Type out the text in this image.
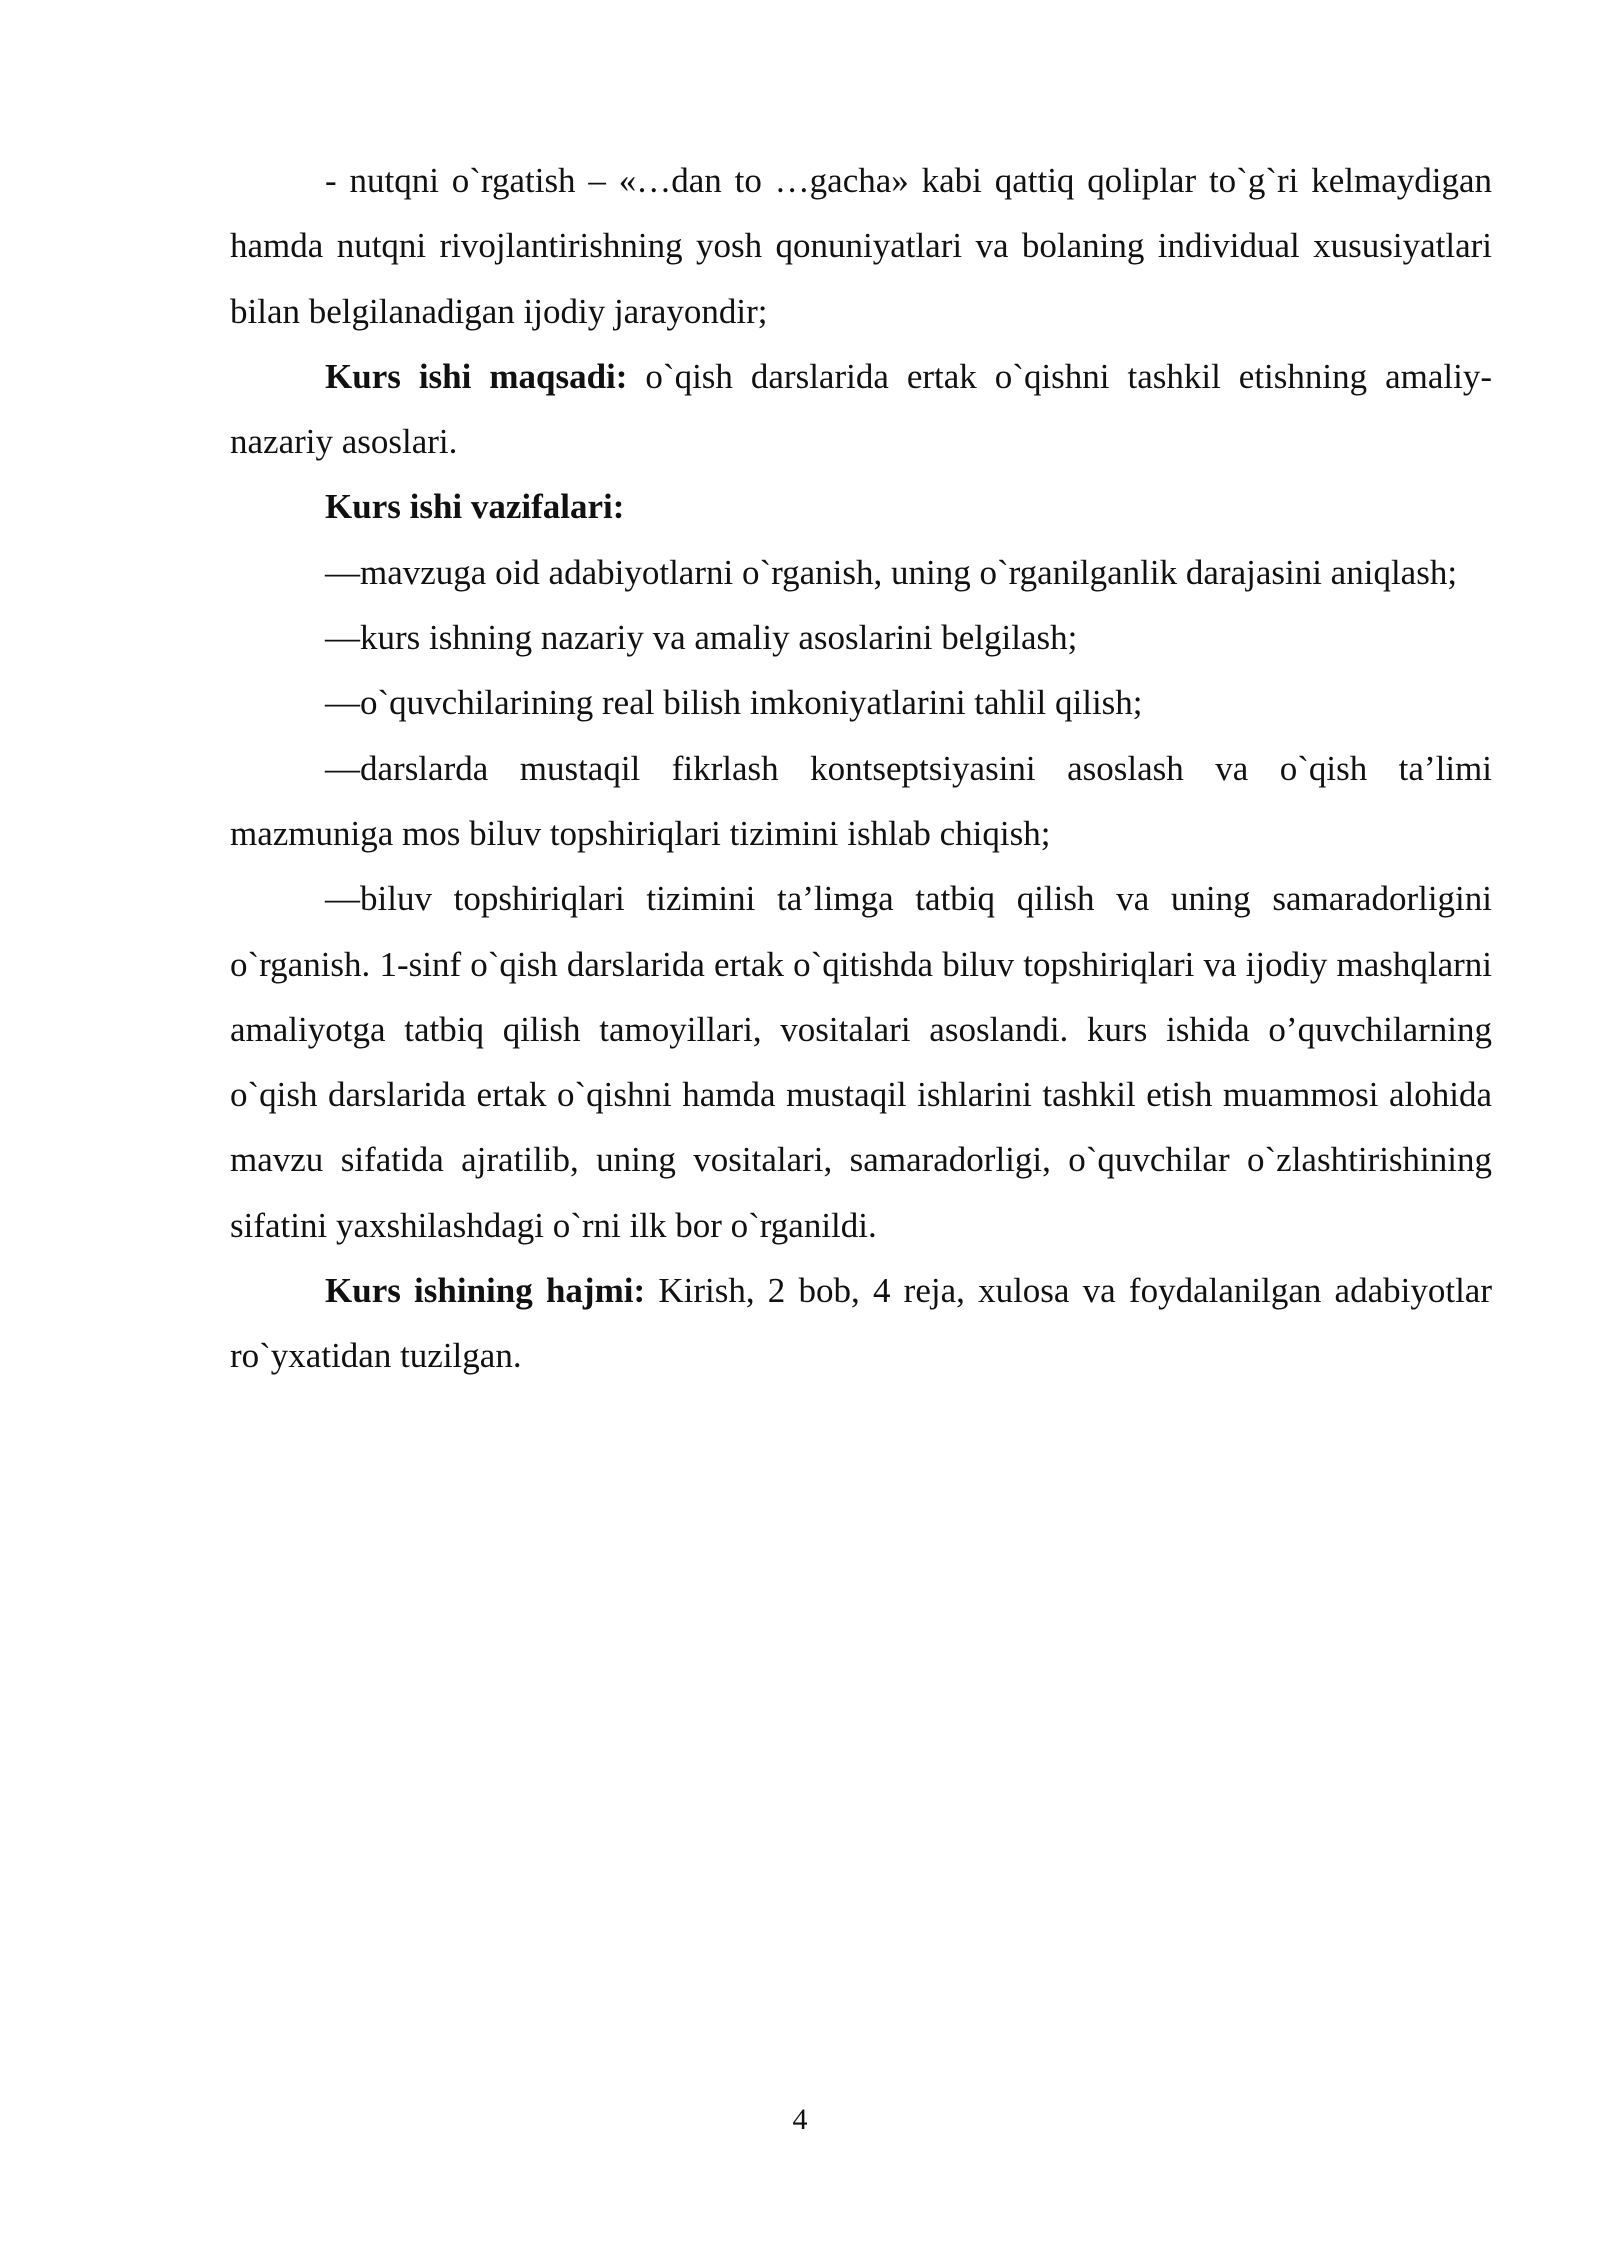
- nutqni o`rgatish – «…dan to …gacha» kabi qattiq qoliplar to`g`ri kelmaydigan hamda nutqni rivojlantirishning yosh qonuniyatlari va bolaning individual xususiyatlari bilan belgilanadigan ijodiy jarayondir;

Kurs ishi maqsadi: o`qish darslarida ertak o`qishni tashkil etishning amaliy-nazariy asoslari.

Kurs ishi vazifalari:

—mavzuga oid adabiyotlarni o`rganish, uning o`rganilganlik darajasini aniqlash;

—kurs ishning nazariy va amaliy asoslarini belgilash;

—o`quvchilarining real bilish imkoniyatlarini tahlil qilish;

—darslarda mustaqil fikrlash kontseptsiyasini asoslash va o`qish ta’limi mazmuniga mos biluv topshiriqlari tizimini ishlab chiqish;

—biluv topshiriqlari tizimini ta’limga tatbiq qilish va uning samaradorligini o`rganish. 1-sinf o`qish darslarida ertak o`qitishda biluv topshiriqlari va ijodiy mashqlarni amaliyotga tatbiq qilish tamoyillari, vositalari asoslandi. kurs ishida o’quvchilarning o`qish darslarida ertak o`qishni hamda mustaqil ishlarini tashkil etish muammosi alohida mavzu sifatida ajratilib, uning vositalari, samaradorligi, o`quvchilar o`zlashtirishining sifatini yaxshilashdagi o`rni ilk bor o`rganildi.

Kurs ishining hajmi: Kirish, 2 bob, 4 reja, xulosa va foydalanilgan adabiyotlar ro`yxatidan tuzilgan.

4
